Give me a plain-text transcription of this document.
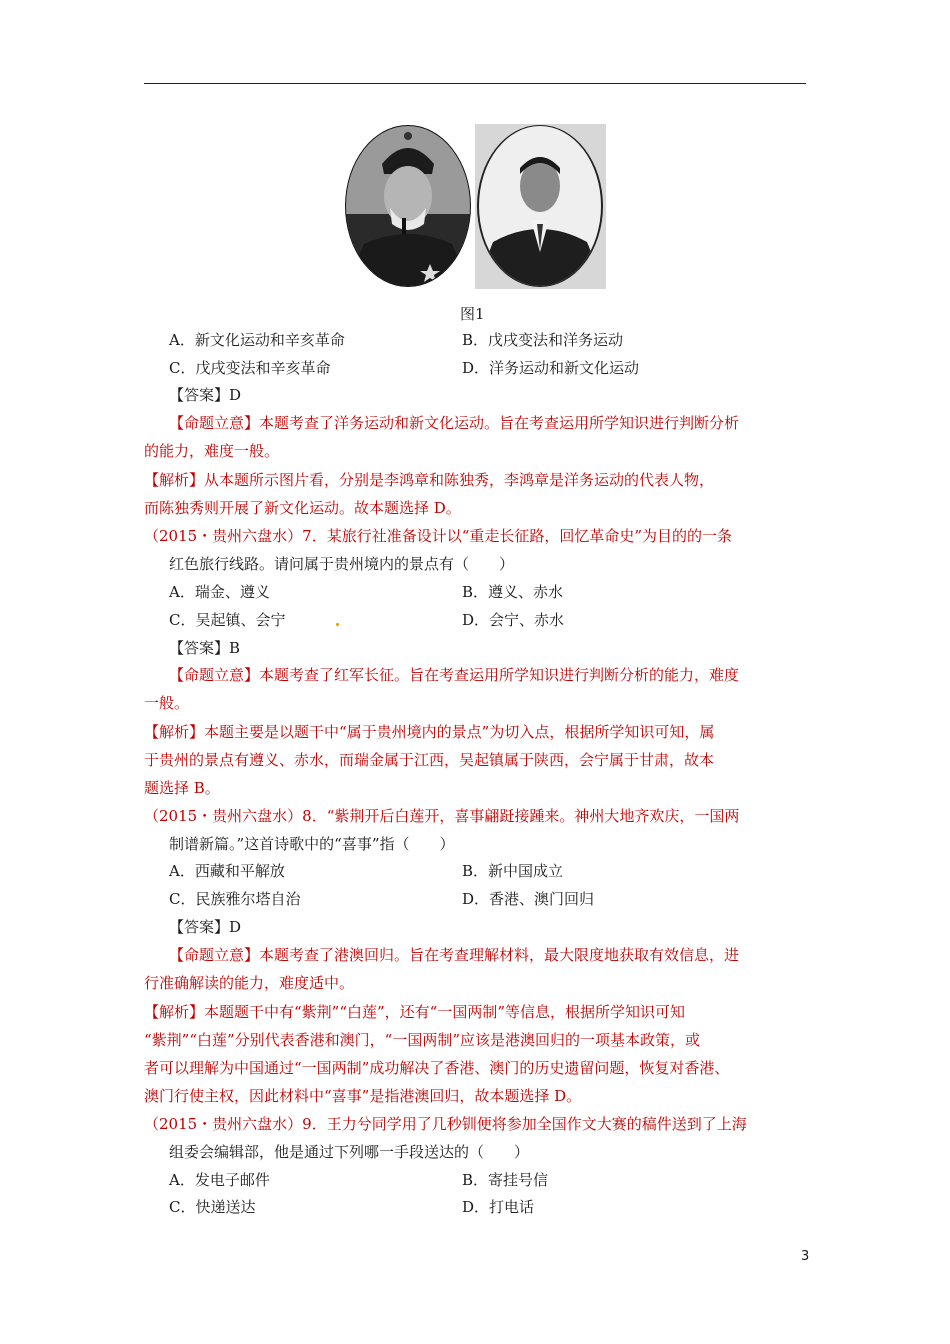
图1
A．新文化运动和辛亥革命	B．戊戌变法和洋务运动
C．戊戌变法和辛亥革命	D．洋务运动和新文化运动
【答案】D
【命题立意】本题考查了洋务运动和新文化运动。旨在考查运用所学知识进行判断分析
的能力，难度一般。
【解析】从本题所示图片看，分别是李鸿章和陈独秀，李鸿章是洋务运动的代表人物，
而陈独秀则开展了新文化运动。故本题选择 D。
（2015・贵州六盘水）7．某旅行社准备设计以“重走长征路，回忆革命史”为目的的一条
红色旅行线路。请问属于贵州境内的景点有（　　）
A．瑞金、遵义	B．遵义、赤水
C．吴起镇、会宁	D．会宁、赤水
【答案】B
【命题立意】本题考查了红军长征。旨在考查运用所学知识进行判断分析的能力，难度
一般。
【解析】本题主要是以题干中“属于贵州境内的景点”为切入点，根据所学知识可知，属
于贵州的景点有遵义、赤水，而瑞金属于江西，吴起镇属于陕西，会宁属于甘肃，故本
题选择 B。
（2015・贵州六盘水）8．“紫荆开后白莲开，喜事翩跹接踵来。神州大地齐欢庆，一国两
制谱新篇。”这首诗歌中的“喜事”指（　　）
A．西藏和平解放	B．新中国成立
C．民族雅尔塔自治	D．香港、澳门回归
【答案】D
【命题立意】本题考查了港澳回归。旨在考查理解材料，最大限度地获取有效信息，进
行准确解读的能力，难度适中。
【解析】本题题干中有“紫荆”“白莲”，还有“一国两制”等信息，根据所学知识可知
“紫荆”“白莲”分别代表香港和澳门，“一国两制”应该是港澳回归的一项基本政策，或
者可以理解为中国通过“一国两制”成功解决了香港、澳门的历史遗留问题，恢复对香港、
澳门行使主权，因此材料中“喜事”是指港澳回归，故本题选择 D。
（2015・贵州六盘水）9．王力兮同学用了几秒钏便将参加全国作文大赛的稿件送到了上海
组委会编辑部，他是通过下列哪一手段送达的（　　）
A．发电子邮件	B．寄挂号信
C．快递送达	D．打电话
3
